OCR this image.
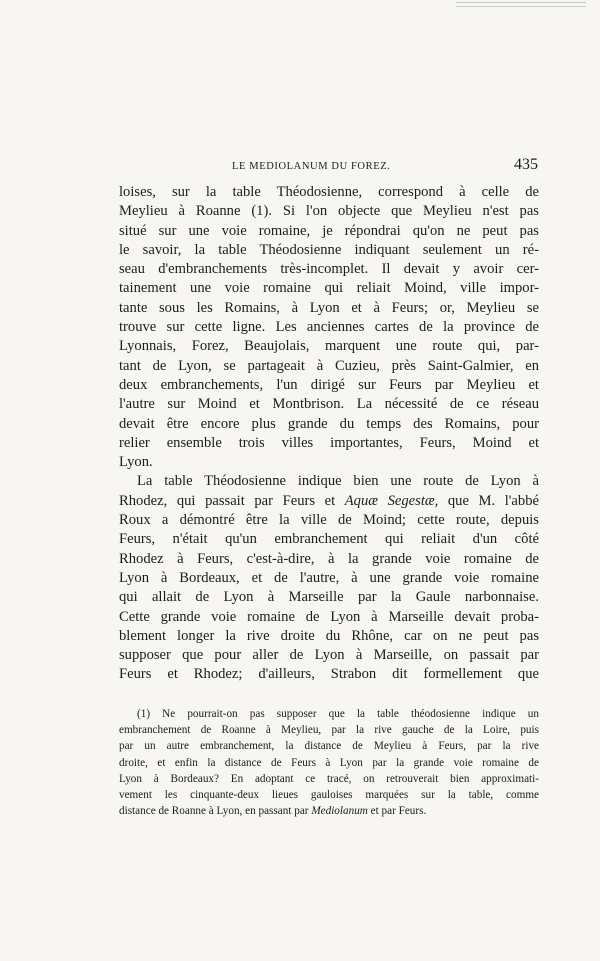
LE MEDIOLANUM DU FOREZ.	435

loises, sur la table Théodosienne, correspond à celle de

Meylieu à Roanne (1). Si l'on objecte que Meylieu n'est pas

situé sur une voie romaine, je répondrai qu'on ne peut pas

le savoir, la table Théodosienne indiquant seulement un ré-

seau d'embranchements très-incomplet. Il devait y avoir cer-

tainement une voie romaine qui reliait Moind, ville impor-

tante sous les Romains, à Lyon et à Feurs; or, Meylieu se

trouve sur cette ligne. Les anciennes cartes de la province de

Lyonnais, Forez, Beaujolais, marquent une route qui, par-

tant de Lyon, se partageait à Cuzieu, près Saint-Galmier, en

deux embranchements, l'un dirigé sur Feurs par Meylieu et

l'autre sur Moind et Montbrison. La nécessité de ce réseau

devait être encore plus grande du temps des Romains, pour

relier ensemble trois villes importantes, Feurs, Moind et

Lyon.

La table Théodosienne indique bien une route de Lyon à

Rhodez, qui passait par Feurs et Aquæ Segestæ, que M. l'abbé

Roux a démontré être la ville de Moind; cette route, depuis

Feurs, n'était qu'un embranchement qui reliait d'un côté

Rhodez à Feurs, c'est-à-dire, à la grande voie romaine de

Lyon à Bordeaux, et de l'autre, à une grande voie romaine

qui allait de Lyon à Marseille par la Gaule narbonnaise.

Cette grande voie romaine de Lyon à Marseille devait proba-

blement longer la rive droite du Rhône, car on ne peut pas

supposer que pour aller de Lyon à Marseille, on passait par

Feurs et Rhodez; d'ailleurs, Strabon dit formellement que

(1) Ne pourrait-on pas supposer que la table théodosienne indique un

embranchement de Roanne à Meylieu, par la rive gauche de la Loire, puis

par un autre embranchement, la distance de Meylieu à Feurs, par la rive

droite, et enfin la distance de Feurs à Lyon par la grande voie romaine de

Lyon à Bordeaux? En adoptant ce tracé, on retrouverait bien approximati-

vement les cinquante-deux lieues gauloises marquées sur la table, comme

distance de Roanne à Lyon, en passant par Mediolanum et par Feurs.
